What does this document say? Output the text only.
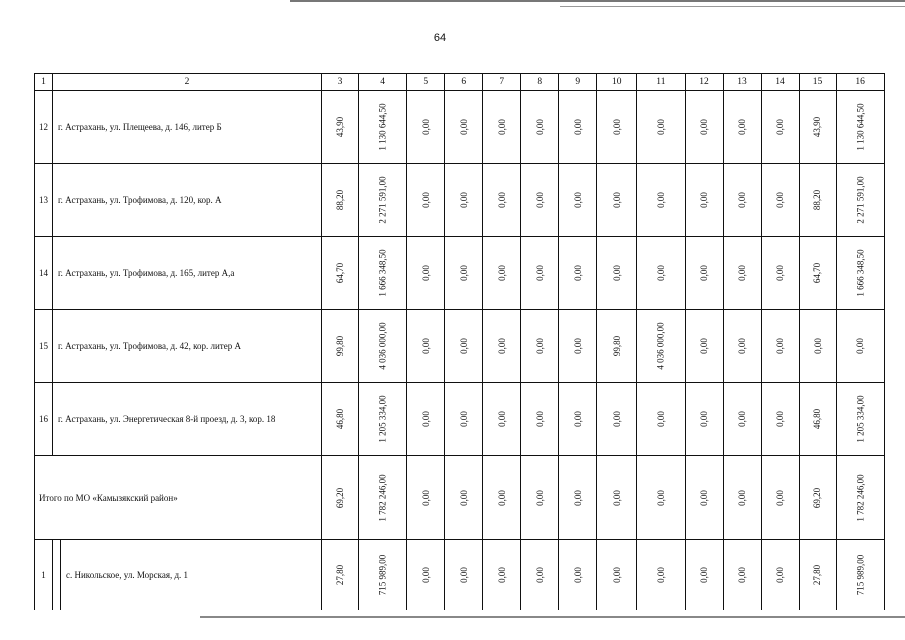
64
1	2		3	4	5	6	7	8	9	10	11	12	13	14	15	16
12	г. Астрахань, ул. Плещеева, д. 146, литер Б		43,90	1 130 644,50	0,00	0,00	0,00	0,00	0,00	0,00	0,00	0,00	0,00	0,00	43,90	1 130 644,50
13	г. Астрахань, ул. Трофимова, д. 120, кор. А		88,20	2 271 591,00	0,00	0,00	0,00	0,00	0,00	0,00	0,00	0,00	0,00	0,00	88,20	2 271 591,00
14	г. Астрахань, ул. Трофимова, д. 165, литер А,а		64,70	1 666 348,50	0,00	0,00	0,00	0,00	0,00	0,00	0,00	0,00	0,00	0,00	64,70	1 666 348,50
15	г. Астрахань, ул. Трофимова, д. 42, кор. литер А		99,80	4 036 000,00	0,00	0,00	0,00	0,00	0,00	99,80	4 036 000,00	0,00	0,00	0,00	0,00	0,00
16	г. Астрахань, ул. Энергетическая 8-й проезд, д. 3, кор. 18		46,80	1 205 334,00	0,00	0,00	0,00	0,00	0,00	0,00	0,00	0,00	0,00	0,00	46,80	1 205 334,00
Итого по МО «Камызякский район»			69,20	1 782 246,00	0,00	0,00	0,00	0,00	0,00	0,00	0,00	0,00	0,00	0,00	69,20	1 782 246,00
1		с. Никольское, ул. Морская, д. 1	27,80	715 989,00	0,00	0,00	0,00	0,00	0,00	0,00	0,00	0,00	0,00	0,00	27,80	715 989,00
